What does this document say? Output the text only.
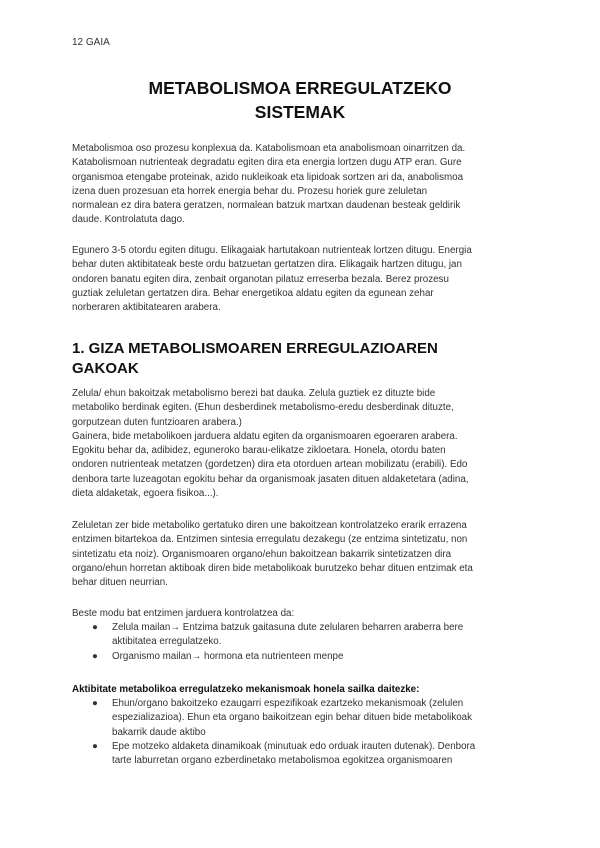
12 GAIA
METABOLISMOA ERREGULATZEKO
SISTEMAK

Metabolismoa oso prozesu konplexua da. Katabolismoan eta anabolismoan oinarritzen da.
Katabolismoan nutrienteak degradatu egiten dira eta energia lortzen dugu ATP eran. Gure
organismoa etengabe proteinak, azido nukleikoak eta lipidoak sortzen ari da, anabolismoa
izena duen prozesuan eta horrek energia behar du. Prozesu horiek gure zeluletan
normalean ez dira batera geratzen, normalean batzuk martxan daudenan besteak geldirik
daude. Kontrolatuta dago.

Egunero 3-5 otordu egiten ditugu. Elikagaiak hartutakoan nutrienteak lortzen ditugu. Energia
behar duten aktibitateak beste ordu batzuetan gertatzen dira. Elikagaik hartzen ditugu, jan
ondoren banatu egiten dira, zenbait organotan pilatuz erreserba bezala. Berez prozesu
guztiak zeluletan gertatzen dira. Behar energetikoa aldatu egiten da egunean zehar
norberaren aktibitatearen arabera.

1. GIZA METABOLISMOAREN ERREGULAZIOAREN
GAKOAK

Zelula/ ehun bakoitzak metabolismo berezi bat dauka. Zelula guztiek ez dituzte bide
metaboliko berdinak egiten. (Ehun desberdinek metabolismo-eredu desberdinak dituzte,
gorputzean duten funtzioaren arabera.)
Gainera, bide metabolikoen jarduera aldatu egiten da organismoaren egoeraren arabera.
Egokitu behar da, adibidez, eguneroko barau-elikatze zikloetara. Honela, otordu baten
ondoren nutrienteak metatzen (gordetzen) dira eta otorduen artean mobilizatu (erabili). Edo
denbora tarte luzeagotan egokitu behar da organismoak jasaten dituen aldaketetara (adina,
dieta aldaketak, egoera fisikoa...).

Zeluletan zer bide metaboliko gertatuko diren une bakoitzean kontrolatzeko erarik errazena
entzimen bitartekoa da. Entzimen sintesia erregulatu dezakegu (ze entzima sintetizatu, non
sintetizatu eta noiz). Organismoaren organo/ehun bakoitzean bakarrik sintetizatzen dira
organo/ehun horretan aktiboak diren bide metabolikoak burutzeko behar dituen entzimak eta
behar dituen neurrian.

Beste modu bat entzimen jarduera kontrolatzea da:

● Zelula mailan→ Entzima batzuk gaitasuna dute zelularen beharren araberra bere
aktibitatea erregulatzeko.
● Organismo mailan→ hormona eta nutrienteen menpe

Aktibitate metabolikoa erregulatzeko mekanismoak honela sailka daitezke:

● Ehun/organo bakoitzeko ezaugarri espezifikoak ezartzeko mekanismoak (zelulen
espezializazioa). Ehun eta organo baikoitzean egin behar dituen bide metabolikoak
bakarrik daude aktibo
● Epe motzeko aldaketa dinamikoak (minutuak edo orduak irauten dutenak). Denbora
tarte laburretan organo ezberdinetako metabolismoa egokitzea organismoaren
